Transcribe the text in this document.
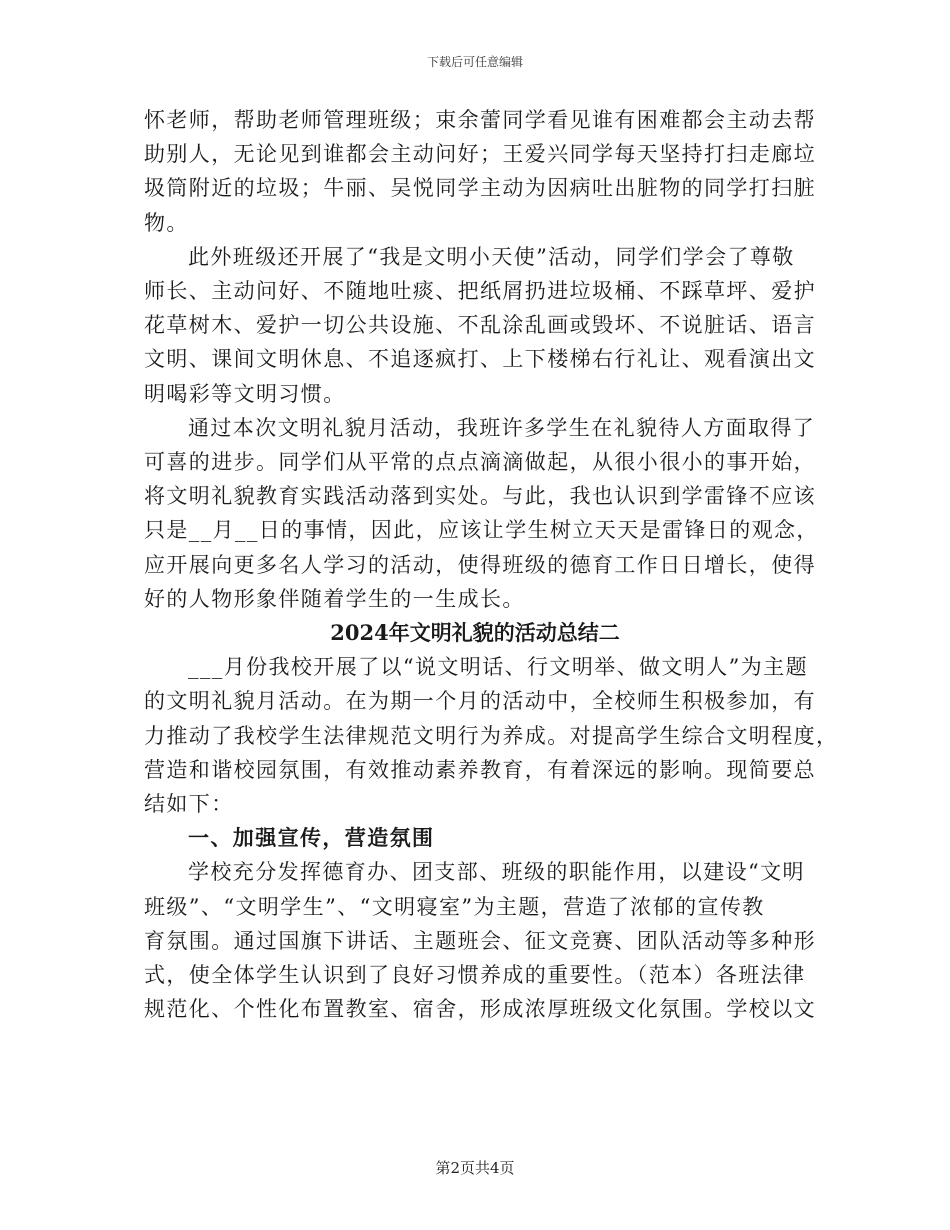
下载后可任意编辑

怀老师，帮助老师管理班级；束余蕾同学看见谁有困难都会主动去帮

助别人，无论见到谁都会主动问好；王爱兴同学每天坚持打扫走廊垃

圾筒附近的垃圾；牛丽、吴悦同学主动为因病吐出脏物的同学打扫脏

物。

此外班级还开展了“我是文明小天使”活动，同学们学会了尊敬

师长、主动问好、不随地吐痰、把纸屑扔进垃圾桶、不踩草坪、爱护

花草树木、爱护一切公共设施、不乱涂乱画或毁坏、不说脏话、语言

文明、课间文明休息、不追逐疯打、上下楼梯右行礼让、观看演出文

明喝彩等文明习惯。

通过本次文明礼貌月活动，我班许多学生在礼貌待人方面取得了

可喜的进步。同学们从平常的点点滴滴做起，从很小很小的事开始，

将文明礼貌教育实践活动落到实处。与此，我也认识到学雷锋不应该

只是__月__日的事情，因此，应该让学生树立天天是雷锋日的观念，

应开展向更多名人学习的活动，使得班级的德育工作日日增长，使得

好的人物形象伴随着学生的一生成长。

2024年文明礼貌的活动总结二

___月份我校开展了以“说文明话、行文明举、做文明人”为主题

的文明礼貌月活动。在为期一个月的活动中，全校师生积极参加，有

力推动了我校学生法律规范文明行为养成。对提高学生综合文明程度，

营造和谐校园氛围，有效推动素养教育，有着深远的影响。现简要总

结如下：

一、加强宣传，营造氛围

学校充分发挥德育办、团支部、班级的职能作用，以建设“文明

班级”、“文明学生”、“文明寝室”为主题，营造了浓郁的宣传教

育氛围。通过国旗下讲话、主题班会、征文竞赛、团队活动等多种形

式，使全体学生认识到了良好习惯养成的重要性。（范本）各班法律

规范化、个性化布置教室、宿舍，形成浓厚班级文化氛围。学校以文

第2页共4页
